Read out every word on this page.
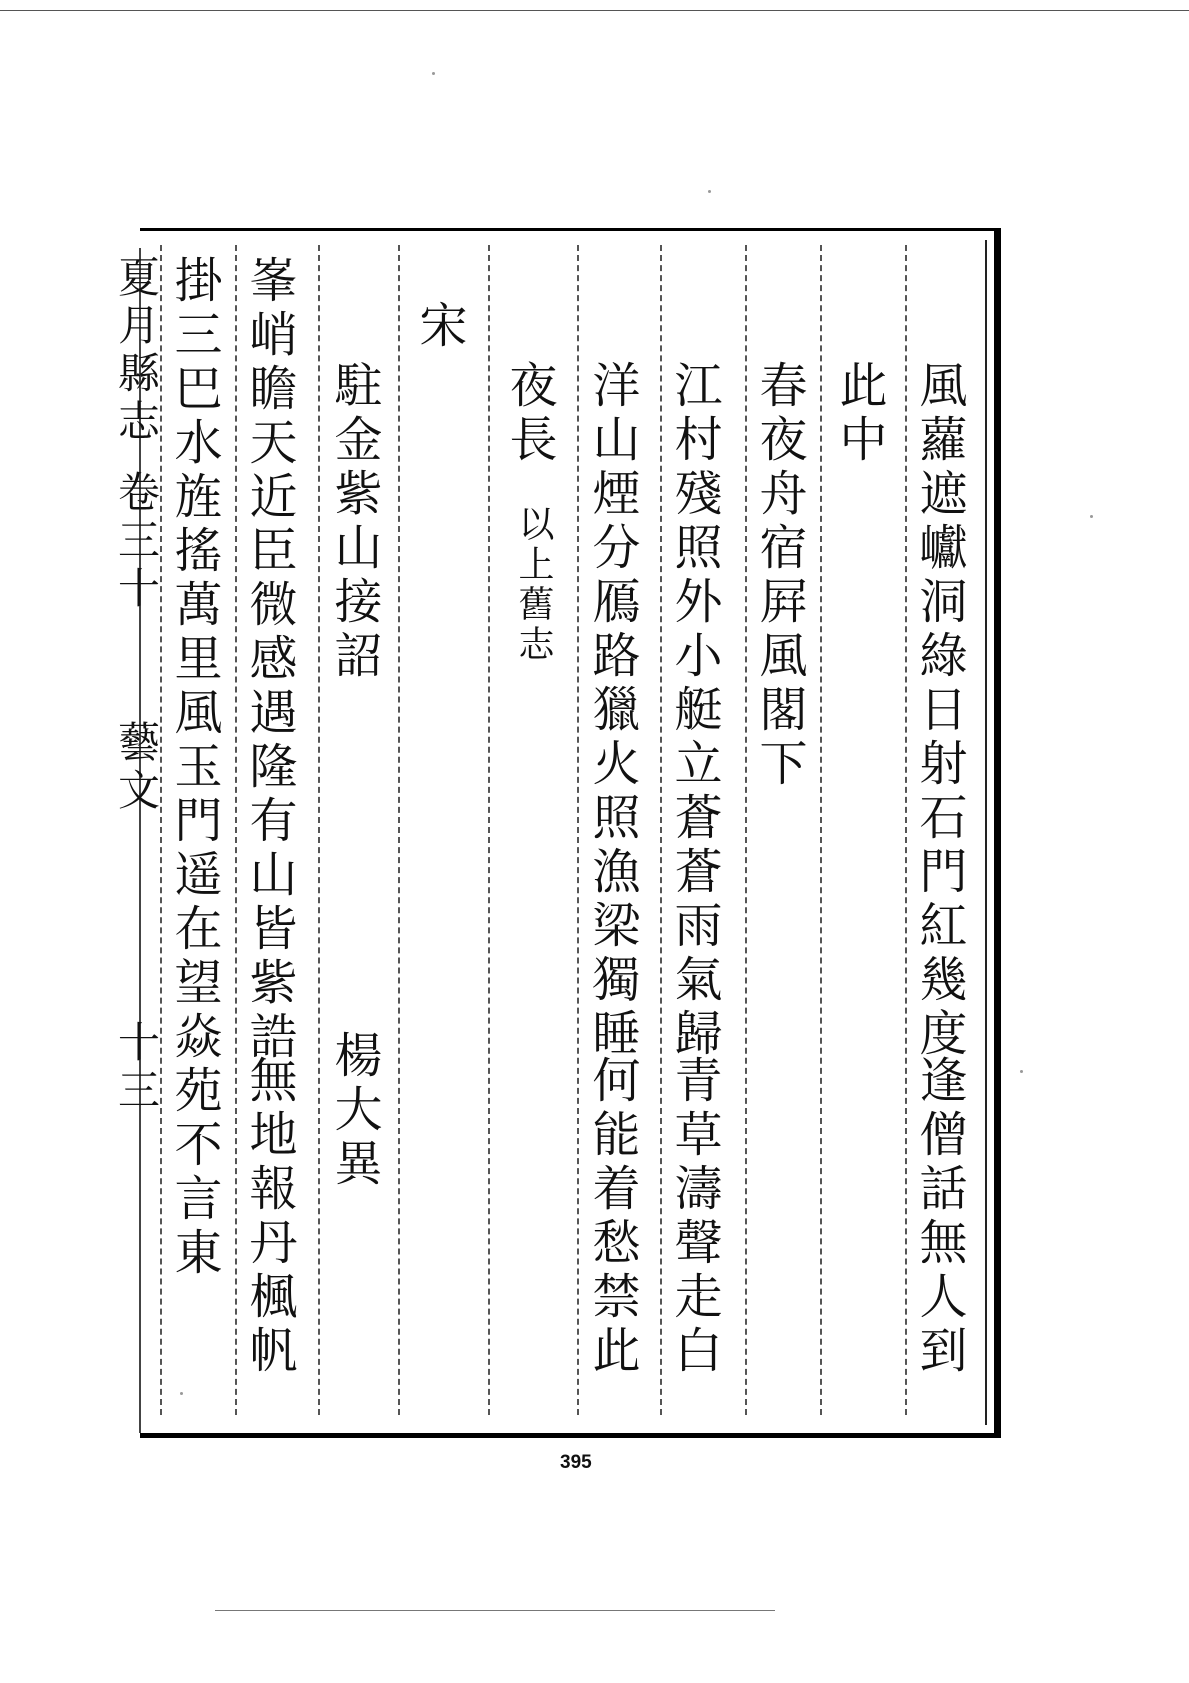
風蘿遮巘洞綠日射石門紅幾度
逢僧話無人到
此中
春夜舟宿屛風閣下
江村殘照外小艇立蒼蒼雨氣歸
青草濤聲走白
洋山煙分鴈路獵火照漁梁獨睡
何能着愁禁此
夜長
以上舊志
宋
駐金紫山接詔
楊大異
峯峭瞻天近臣微感遇隆有山皆紫誥
無地報丹楓帆
掛三巴水旌搖萬里風玉門遥在望焱苑不言東
夏月縣志
卷三十
藝文
十三
395
